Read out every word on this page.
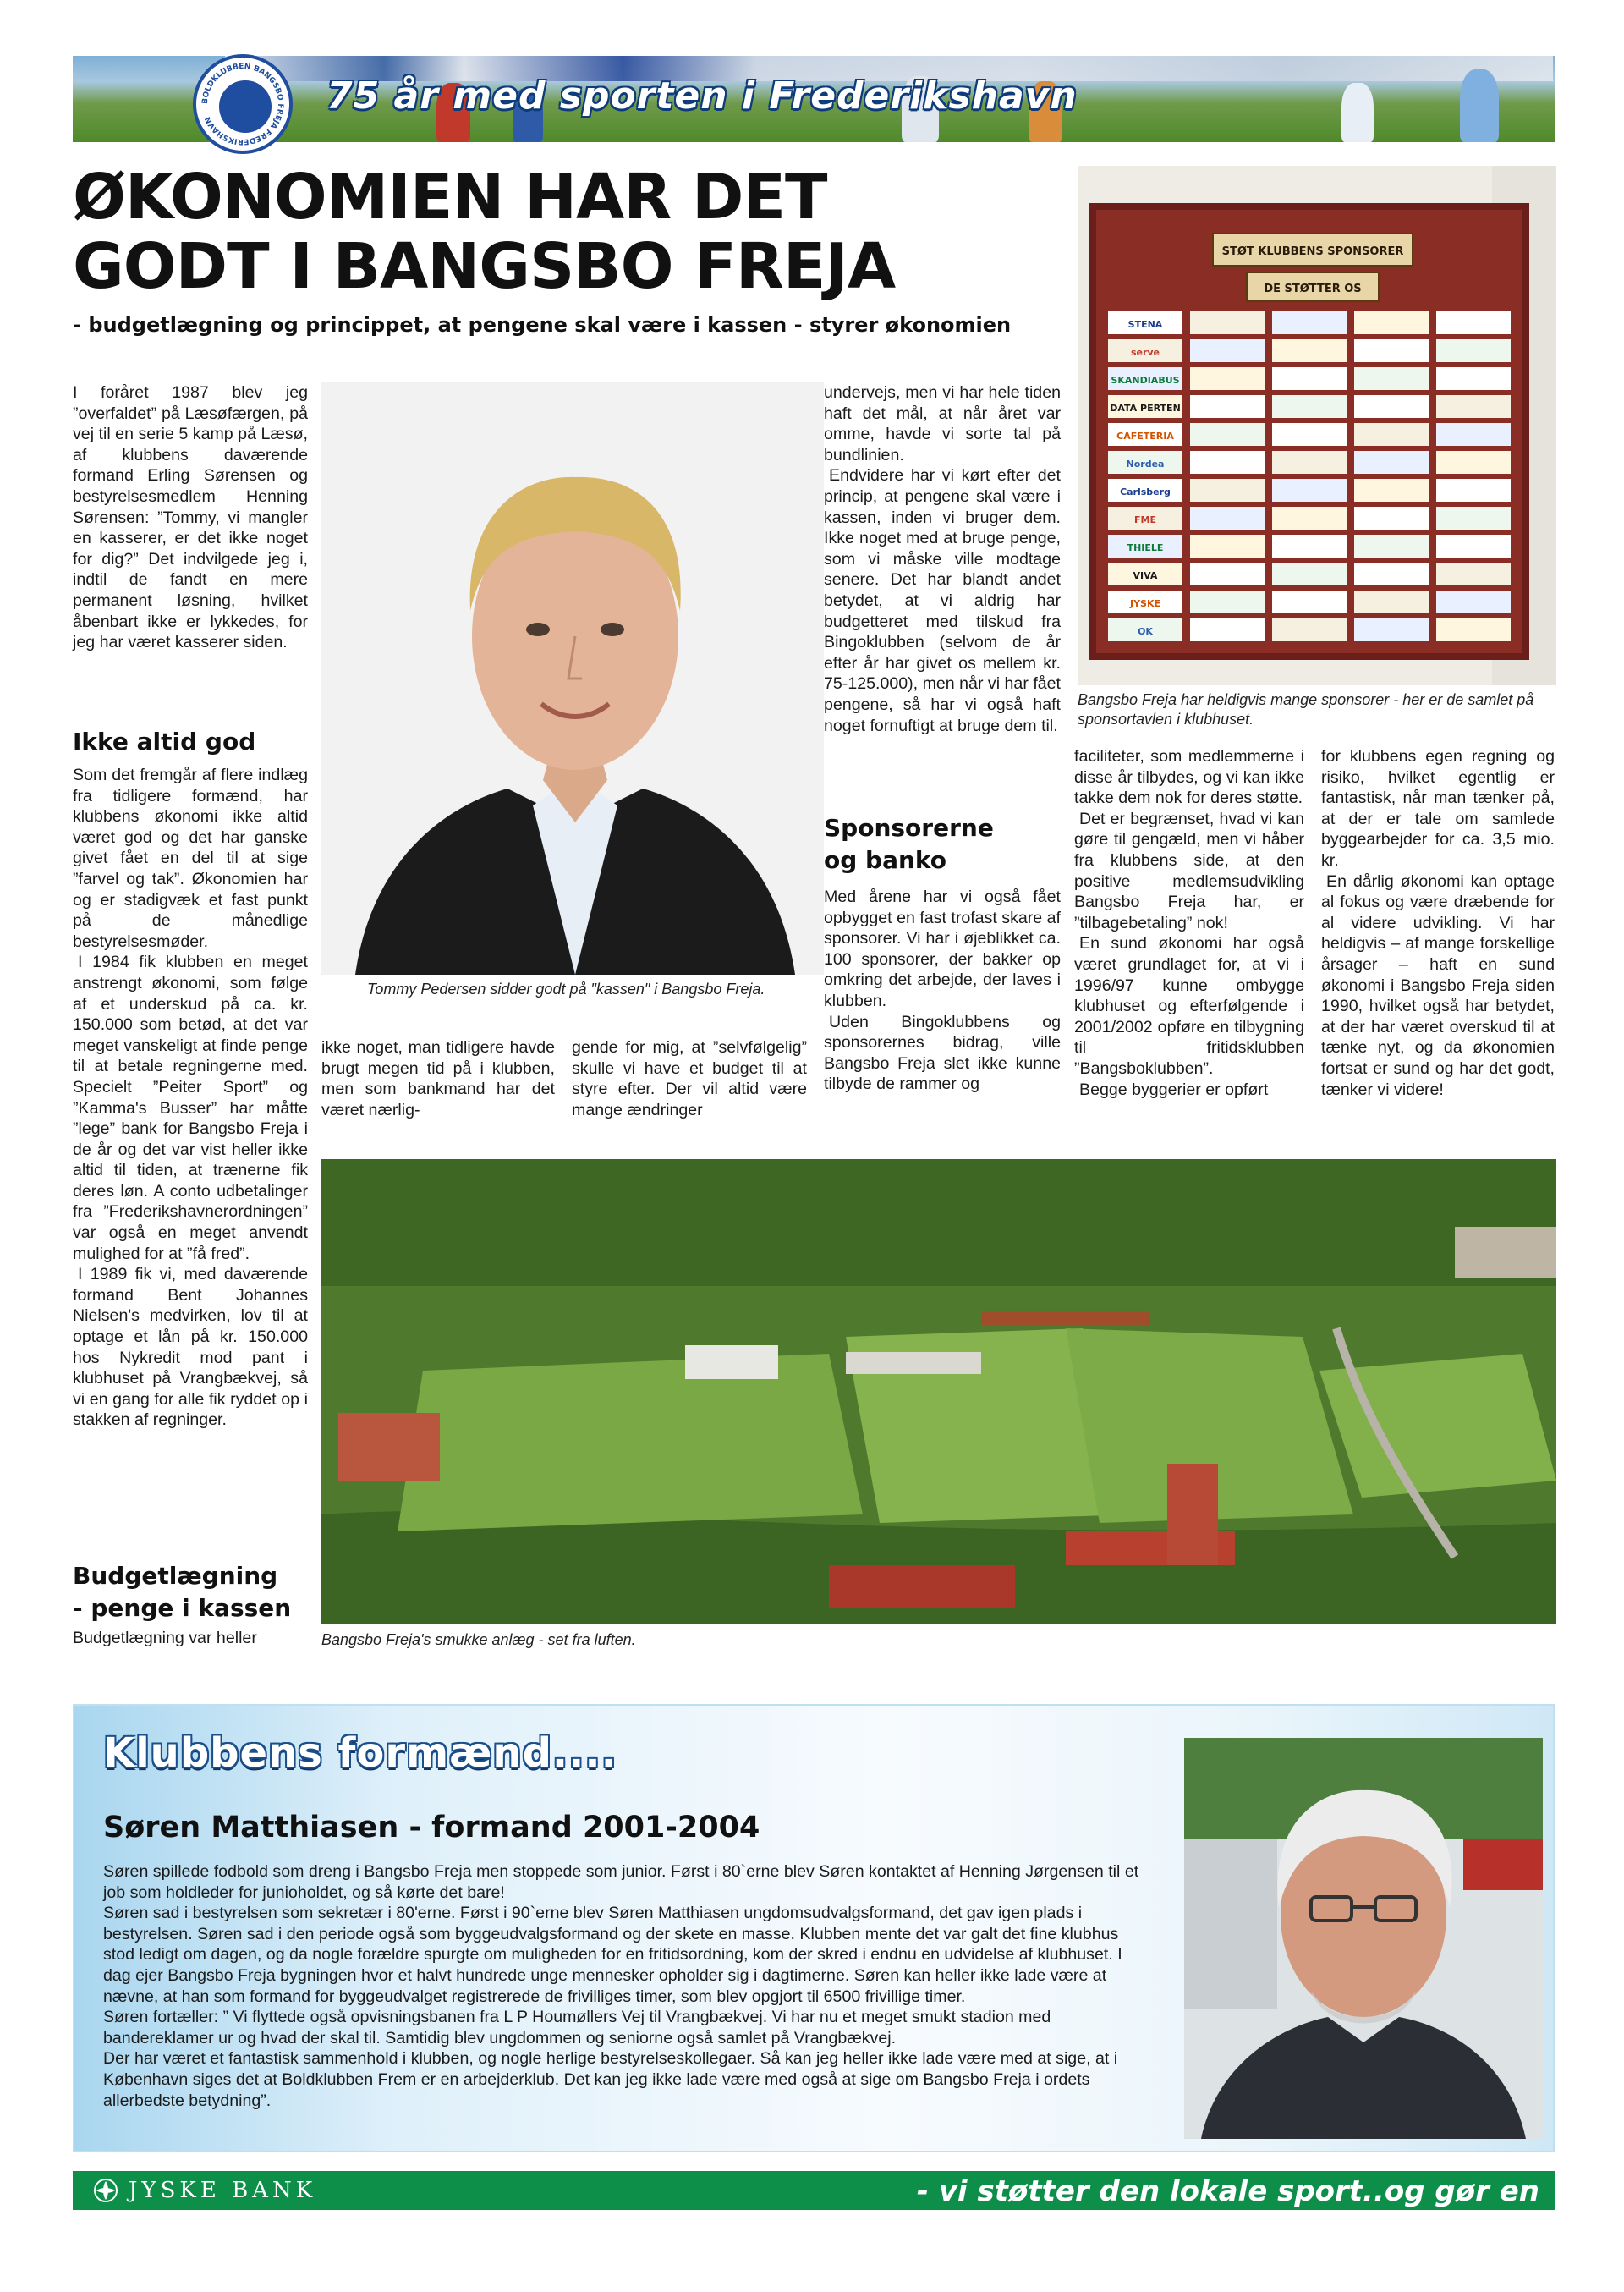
75 år med sporten i Frederikshavn
BOLDKLUBBEN BANGSBO FREJA FREDERIKSHAVN
ØKONOMIEN HAR DET
GODT I BANGSBO FREJA
- budgetlægning og princippet, at pengene skal være i kassen - styrer økonomien
STØT KLUBBENS SPONSORER
DE STØTTER OS
STENA
serve
SKANDIABUS
DATA PERTEN
CAFETERIA
Nordea
Carlsberg
FME
THIELE
VIVA
JYSKE
OK
Bangsbo Freja har heldigvis mange sponsorer - her er de samlet på sponsortavlen i klubhuset.
Tommy Pedersen sidder godt på "kassen" i Bangsbo Freja.
Bangsbo Freja's smukke anlæg - set fra luften.

I foråret 1987 blev jeg ”overfaldet” på Læsøfærgen, på vej til en serie 5 kamp på Læsø, af klubbens daværende formand Erling Sørensen og bestyrelsesmedlem Henning Sørensen: ”Tommy, vi mangler en kasserer, er det ikke noget for dig?” Det indvilgede jeg i, indtil de fandt en mere permanent løsning, hvilket åbenbart ikke er lykkedes, for jeg har været kasserer siden.

Ikke altid god

Som det fremgår af flere indlæg fra tidligere formænd, har klubbens økonomi ikke altid været god og det har ganske givet fået en del til at sige ”farvel og tak”. Økonomien har og er stadigvæk et fast punkt på de månedlige bestyrelsesmøder.

I 1984 fik klubben en meget anstrengt økonomi, som følge af et underskud på ca. kr. 150.000 som betød, at det var meget vanskeligt at finde penge til at betale regningerne med. Specielt ”Peiter Sport” og ”Kamma's Busser” har måtte ”lege” bank for Bangsbo Freja i de år og det var vist heller ikke altid til tiden, at trænerne fik deres løn. A conto udbetalinger fra ”Frederikshavnerordningen” var også en meget anvendt mulighed for at ”få fred”.

I 1989 fik vi, med daværende formand Bent Johannes Nielsen's medvirken, lov til at optage et lån på kr. 150.000 hos Nykredit mod pant i klubhuset på Vrangbækvej, så vi en gang for alle fik ryddet op i stakken af regninger.

Budgetlægning
- penge i kassen

Budgetlægning var heller

ikke noget, man tidligere havde brugt megen tid på i klubben, men som bankmand har det været nærlig-

gende for mig, at ”selvfølgelig” skulle vi have et budget til at styre efter. Der vil altid være mange ændringer

undervejs, men vi har hele tiden haft det mål, at når året var omme, havde vi sorte tal på bundlinien.

Endvidere har vi kørt efter det princip, at pengene skal være i kassen, inden vi bruger dem. Ikke noget med at bruge penge, som vi måske ville modtage senere. Det har blandt andet betydet, at vi aldrig har budgetteret med tilskud fra Bingoklubben (selvom de år efter år har givet os mellem kr. 75-125.000), men når vi har fået pengene, så har vi også haft noget fornuftigt at bruge dem til.

Sponsorerne
og banko

Med årene har vi også fået opbygget en fast trofast skare af sponsorer. Vi har i øjeblikket ca. 100 sponsorer, der bakker op omkring det arbejde, der laves i klubben.

Uden Bingoklubbens og sponsorernes bidrag, ville Bangsbo Freja slet ikke kunne tilbyde de rammer og

faciliteter, som medlemmerne i disse år tilbydes, og vi kan ikke takke dem nok for deres støtte.

Det er begrænset, hvad vi kan gøre til gengæld, men vi håber fra klubbens side, at den positive medlemsudvikling Bangsbo Freja har, er ”tilbagebetaling” nok!

En sund økonomi har også været grundlaget for, at vi i 1996/97 kunne ombygge klubhuset og efterfølgende i 2001/2002 opføre en tilbygning til fritidsklubben ”Bangsboklubben”.

Begge byggerier er opført

for klubbens egen regning og risiko, hvilket egentlig er fantastisk, når man tænker på, at der er tale om samlede byggearbejder for ca. 3,5 mio. kr.

En dårlig økonomi kan optage al fokus og være dræbende for al videre udvikling. Vi har heldigvis – af mange forskellige årsager – haft en sund økonomi i Bangsbo Freja siden 1990, hvilket også har betydet, at der har været overskud til at tænke nyt, og da økonomien fortsat er sund og har det godt, tænker vi videre!

Klubbens formænd....
Søren Matthiasen - formand 2001-2004

Søren spillede fodbold som dreng i Bangsbo Freja men stoppede som junior. Først i 80`erne blev Søren kontaktet af Henning Jørgensen til et job som holdleder for junioholdet, og så kørte det bare!

Søren sad i bestyrelsen som sekretær i 80'erne. Først i 90`erne blev Søren Matthiasen ungdomsudvalgsformand, det gav igen plads i bestyrelsen. Søren sad i den periode også som byggeudvalgsformand og der skete en masse. Klubben mente det var galt det fine klubhus stod ledigt om dagen, og da nogle forældre spurgte om muligheden for en fritidsordning, kom der skred i endnu en udvidelse af klubhuset. I dag ejer Bangsbo Freja bygningen hvor et halvt hundrede unge mennesker opholder sig i dagtimerne. Søren kan heller ikke lade være at nævne, at han som formand for byggeudvalget registrerede de frivilliges timer, som blev opgjort til 6500 frivillige timer.

Søren fortæller: ” Vi flyttede også opvisningsbanen fra L P Houmøllers Vej til Vrangbækvej. Vi har nu et meget smukt stadion med bandereklamer ur og hvad der skal til. Samtidig blev ungdommen og seniorne også samlet på Vrangbækvej.

Der har været et fantastisk sammenhold i klubben, og nogle herlige bestyrelseskollegaer. Så kan jeg heller ikke lade være med at sige, at i København siges det at Boldklubben Frem er en arbejderklub. Det kan jeg ikke lade være med også at sige om Bangsbo Freja i ordets allerbedste betydning”.

JYSKE BANK	- vi støtter den lokale sport..og gør en forskel..!
